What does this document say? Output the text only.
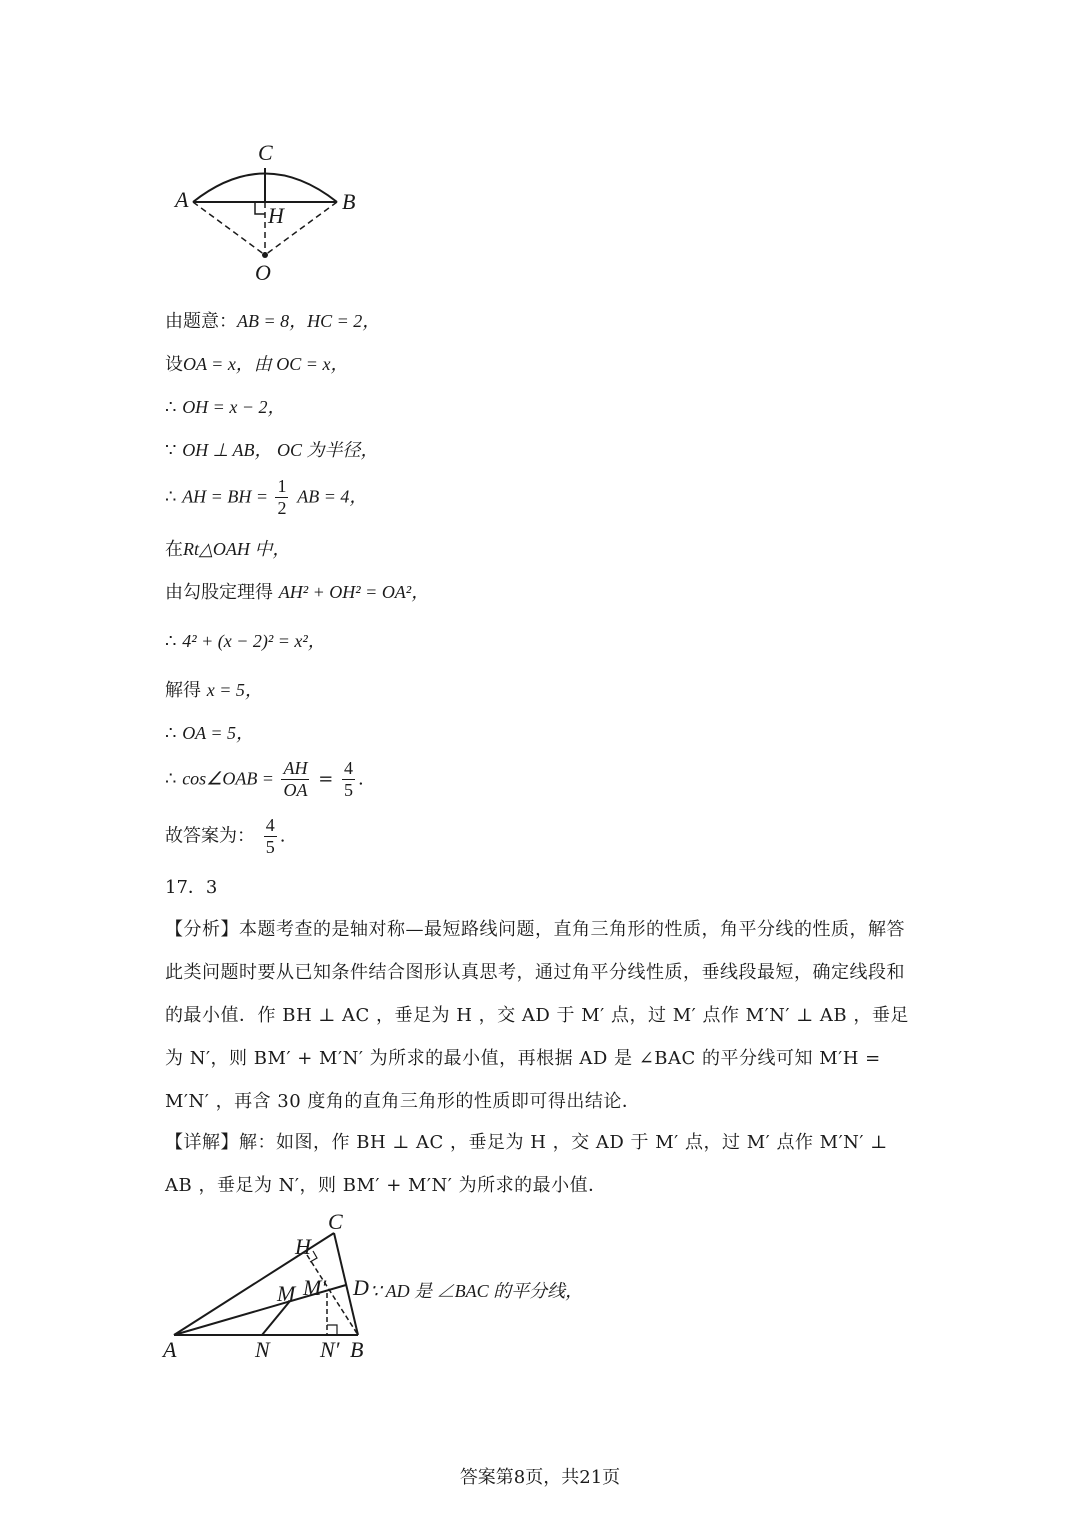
C
A	B
H
O
由题意：AB = 8，HC = 2，
设OA = x，由 OC = x，
∴ OH = x − 2，
∵ OH ⊥ AB， OC 为半径，
∴ AH = BH = $\frac{1}{2}$ AB = 4，
在Rt△OAH 中，
由勾股定理得 AH² + OH² = OA²，
∴ 4² + (x − 2)² = x²，
解得 x = 5，
∴ OA = 5，
∴ cos∠OAB = $\frac{AH}{OA} = \frac{4}{5}$ .
故答案为： $\frac{4}{5}$ .
17．3
【分析】本题考查的是轴对称—最短路线问题，直角三角形的性质，角平分线的性质，解答此类问题时要从已知条件结合图形认真思考，通过角平分线性质，垂线段最短，确定线段和的最小值．作 BH ⊥ AC ，垂足为 H ，交 AD 于 M′ 点，过 M′ 点作 M′N′ ⊥ AB ，垂足为 N′，则 BM′ + M′N′ 为所求的最小值，再根据 AD 是 ∠BAC 的平分线可知 M′H = M′N′ ，再含 30 度角的直角三角形的性质即可得出结论．
【详解】解：如图，作 BH ⊥ AC ，垂足为 H ，交 AD 于 M′ 点，过 M′ 点作 M′N′ ⊥ AB ，垂足为 N′，则 BM′ + M′N′ 为所求的最小值．
C
H
M M′ D
A	N N′ B
∵ AD 是 ∠BAC 的平分线，
答案第8页，共21页
